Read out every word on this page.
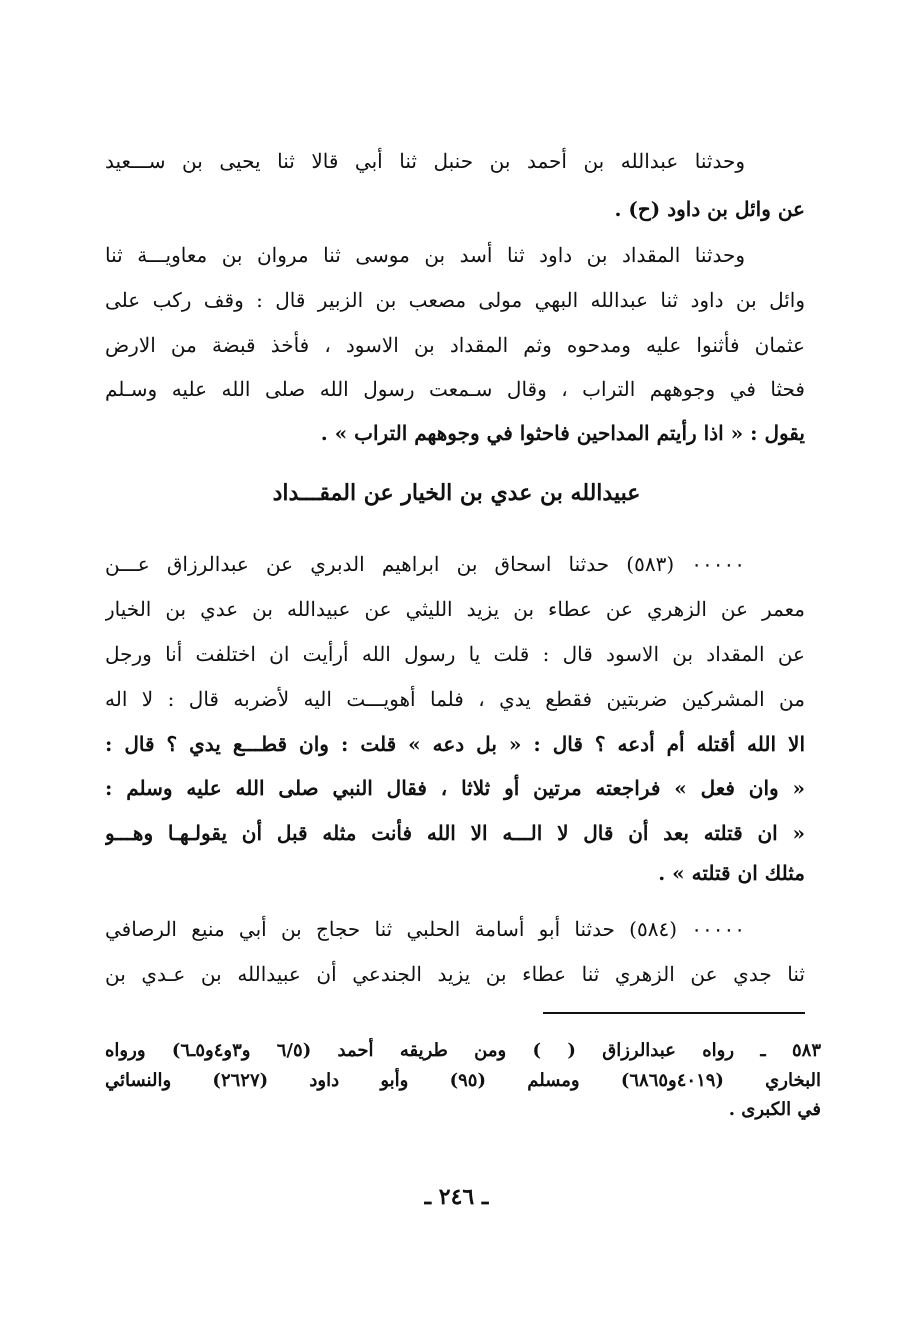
وحدثنا عبدالله بن أحمد بن حنبل ثنا أبي قالا ثنا يحيى بن ســـعيد
عن وائل بن داود (ح) .
وحدثنا المقداد بن داود ثنا أسد بن موسى ثنا مروان بن معاويـــة ثنا
وائل بن داود ثنا عبدالله البهي مولى مصعب بن الزبير قال : وقف ركب على
عثمان فأثنوا عليه ومدحوه وثم المقداد بن الاسود ، فأخذ قبضة من الارض
فحثا في وجوههم التراب ، وقال سـمعت رسول الله صلى الله عليه وسـلم
يقول : « اذا رأيتم المداحين فاحثوا في وجوههم التراب » .
عبيدالله بن عدي بن الخيار عن المقـــداد
٠٠٠٠٠ (٥٨٣) حدثنا اسحاق بن ابراهيم الدبري عن عبدالرزاق عـــن
معمر عن الزهري عن عطاء بن يزيد الليثي عن عبيدالله بن عدي بن الخيار
عن المقداد بن الاسود قال : قلت يا رسول الله أرأيت ان اختلفت أنا ورجل
من المشركين ضربتين فقطع يدي ، فلما أهويـــت اليه لأضربه قال : لا اله
الا الله أقتله أم أدعه ؟ قال : « بل دعه » قلت : وان قطـــع يدي ؟ قال :
« وان فعل » فراجعته مرتين أو ثلاثا ، فقال النبي صلى الله عليه وسلم :
« ان قتلته بعد أن قال لا الـــه الا الله فأنت مثله قبل أن يقولـهـا وهـــو
مثلك ان قتلته » .
٠٠٠٠٠ (٥٨٤) حدثنا أبو أسامة الحلبي ثنا حجاج بن أبي منيع الرصافي
ثنا جدي عن الزهري ثنا عطاء بن يزيد الجندعي أن عبيدالله بن عـدي بن
٥٨٣ ـ رواه عبدالرزاق ( ) ومن طريقه أحمد (٦/٥ و٣و٤و٥ـ٦) ورواه
البخاري (٤٠١٩و٦٨٦٥) ومسلم (٩٥) وأبو داود (٢٦٢٧) والنسائي
في الكبرى .
ـ ٢٤٦ ـ
